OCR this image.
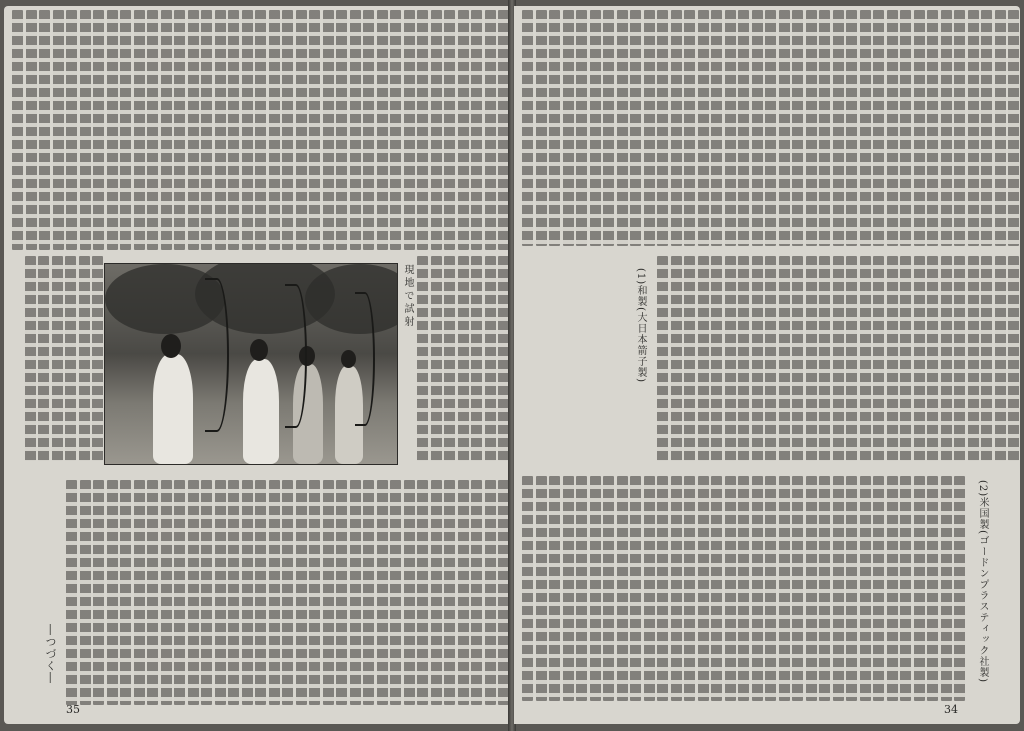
現地で試射
―つづく―
35
(1)和製(大日本箭子製)
(2)米国製(ゴードンプラスティック社製)
34
